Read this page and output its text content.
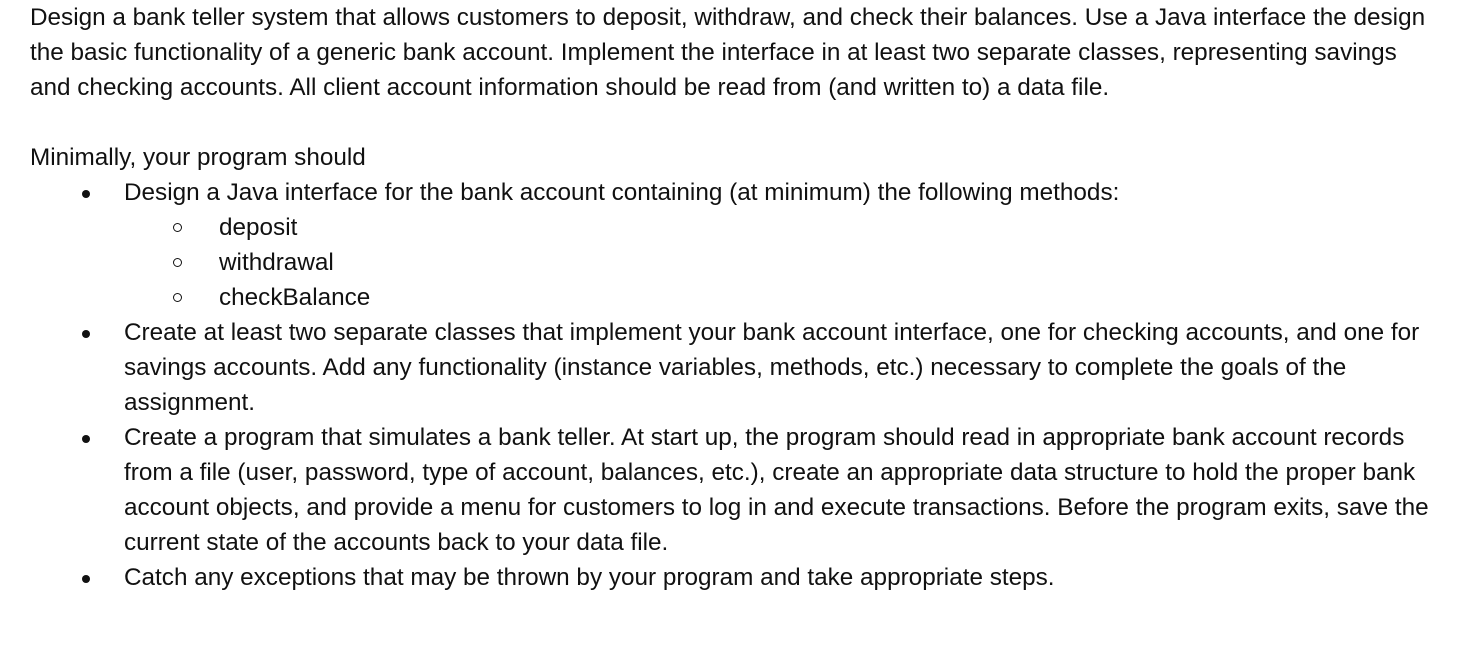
Design a bank teller system that allows customers to deposit, withdraw, and check their balances. Use a Java interface the design the basic functionality of a generic bank account. Implement the interface in at least two separate classes, representing savings and checking accounts. All client account information should be read from (and written to) a data file.

Minimally, your program should

Design a Java interface for the bank account containing (at minimum) the following methods:
deposit
withdrawal
checkBalance
Create at least two separate classes that implement your bank account interface, one for checking accounts, and one for savings accounts. Add any functionality (instance variables, methods, etc.) necessary to complete the goals of the assignment.
Create a program that simulates a bank teller. At start up, the program should read in appropriate bank account records from a file (user, password, type of account, balances, etc.), create an appropriate data structure to hold the proper bank account objects, and provide a menu for customers to log in and execute transactions. Before the program exits, save the current state of the accounts back to your data file.
Catch any exceptions that may be thrown by your program and take appropriate steps.
